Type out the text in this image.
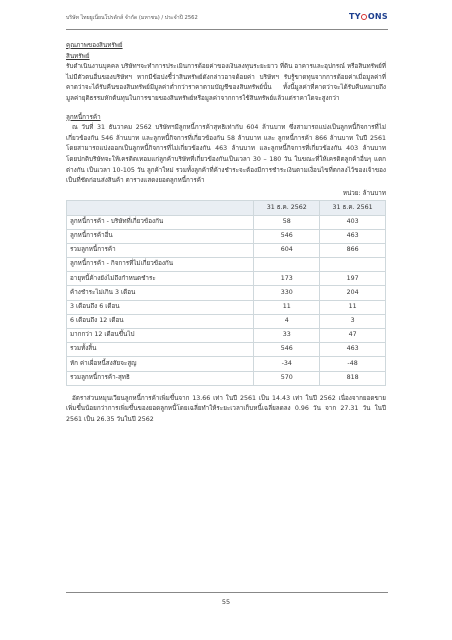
บริษัท ไทยยูเนี่ยนโปรดักส์ จำกัด (มหาชน) / ประจำปี 2562	TY ONS

คุณภาพของสินทรัพย์

สินทรัพย์

รับดำเนินงานบุคคล บริษัทฯจะทำการประเมินการด้อยค่าของเงินลงทุนระยะยาว ที่ดิน อาคารและอุปกรณ์ หรือสินทรัพย์ที่ไม่มีตัวตนอื่นของบริษัทฯ หากมีข้อบ่งชี้ว่าสินทรัพย์ดังกล่าวอาจด้อยค่า บริษัทฯ รับรู้ขาดทุนจากการด้อยค่าเมื่อมูลค่าที่คาดว่าจะได้รับคืนของสินทรัพย์มีมูลค่าต่ำกว่าราคาตามบัญชีของสินทรัพย์นั้น ทั้งนี้มูลค่าที่คาดว่าจะได้รับคืนหมายถึงมูลค่ายุติธรรมหักต้นทุนในการขายของสินทรัพย์หรือมูลค่าจากการใช้สินทรัพย์แล้วแต่ราคาใดจะสูงกว่า

ลูกหนี้การค้า

ณ วันที่ 31 ธันวาคม 2562 บริษัทฯมีลูกหนี้การค้าสุทธิเท่ากับ 604 ล้านบาท ซึ่งสามารถแบ่งเป็นลูกหนี้กิจการที่ไม่เกี่ยวข้องกัน 546 ล้านบาท และลูกหนี้กิจการที่เกี่ยวข้องกัน 58 ล้านบาท และ ลูกหนี้การค้า 866 ล้านบาท ในปี 2561 โดยสามารถแบ่งออกเป็นลูกหนี้กิจการที่ไม่เกี่ยวข้องกัน 463 ล้านบาท และลูกหนี้กิจการที่เกี่ยวข้องกัน 403 ล้านบาท โดยปกติบริษัทจะให้เครดิตเทอมแก่ลูกค้าบริษัทที่เกี่ยวข้องกันเป็นเวลา 30 – 180 วัน ในขณะที่ให้เครดิตลูกค้าอื่นๆ แตกต่างกัน เป็นเวลา 10-105 วัน ลูกค้าใหม่ รวมทั้งลูกค้าที่ค้างชำระจะต้องมีการชำระเงินตามเงื่อนไขที่ตกลงไว้ของเจ้าของเป็นที่ชัดก่อนส่งสินค้า ตารางแสดงยอดลูกหนี้การค้า

หน่วย: ล้านบาท

	31 ธ.ค. 2562	31 ธ.ค. 2561
ลูกหนี้การค้า - บริษัทที่เกี่ยวข้องกัน	58	403
ลูกหนี้การค้าอื่น	546	463
รวมลูกหนี้การค้า	604	866
ลูกหนี้การค้า - กิจการที่ไม่เกี่ยวข้องกัน		
อายุหนี้ค้างยังไม่ถึงกำหนดชำระ	173	197
ค้างชำระไม่เกิน 3 เดือน	330	204
3 เดือนถึง 6 เดือน	11	11
6 เดือนถึง 12 เดือน	4	3
มากกว่า 12 เดือนขึ้นไป	33	47
รวมทั้งสิ้น	546	463
หัก ค่าเผื่อหนี้สงสัยจะสูญ	-34	-48
รวมลูกหนี้การค้า-สุทธิ	570	818

อัตราส่วนหมุนเวียนลูกหนี้การค้าเพิ่มขึ้นจาก 13.66 เท่า ในปี 2561 เป็น 14.43 เท่า ในปี 2562 เนื่องจากยอดขายเพิ่มขึ้นน้อยกว่าการเพิ่มขึ้นของยอดลูกหนี้โดยเฉลี่ยทำให้ระยะเวลาเก็บหนี้เฉลี่ยลดลง 0.96 วัน จาก 27.31 วัน ในปี 2561 เป็น 26.35 วันในปี 2562

55
